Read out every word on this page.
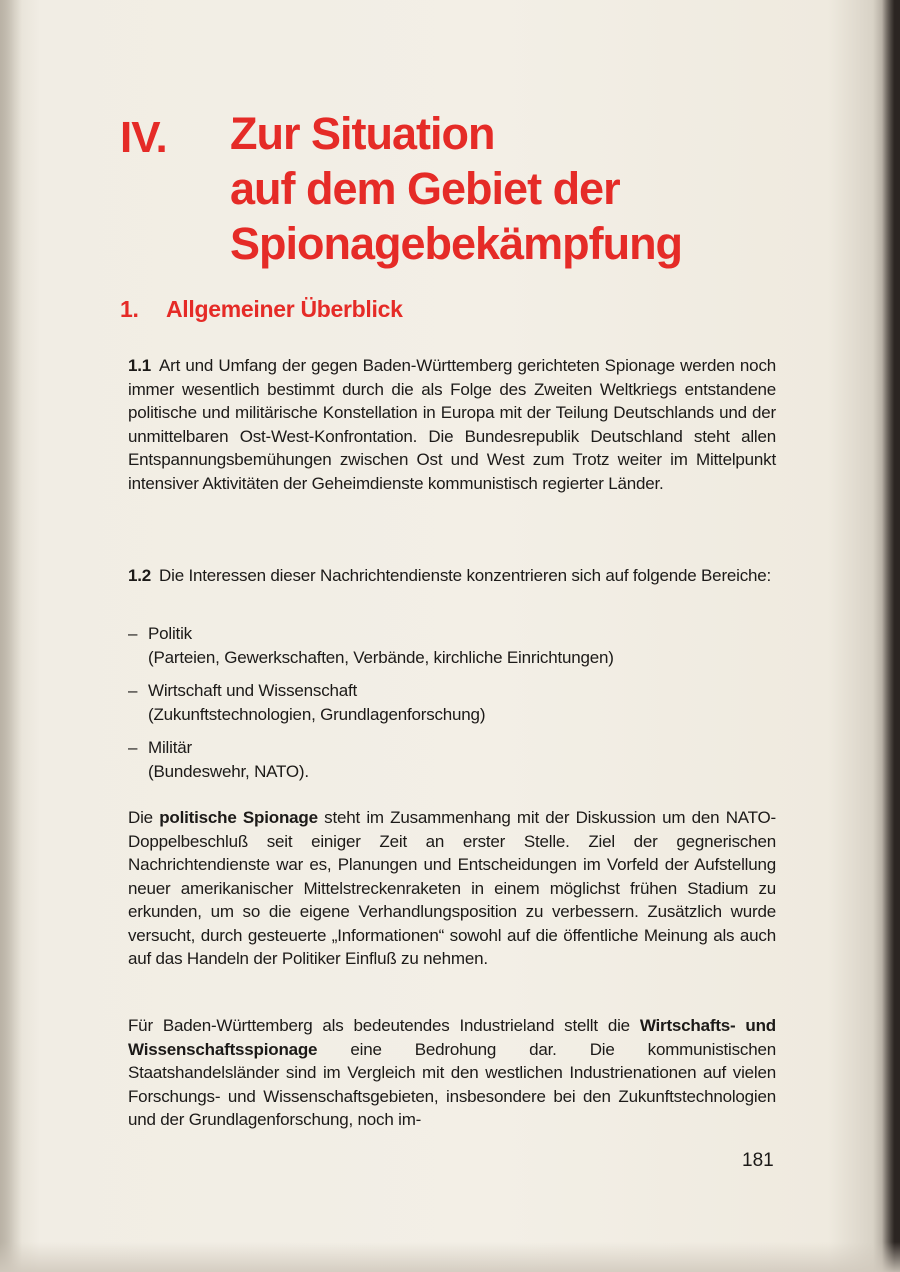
IV. Zur Situation
auf dem Gebiet der
Spionagebekämpfung
1. Allgemeiner Überblick

1.1 Art und Umfang der gegen Baden-Württemberg gerichteten Spionage werden noch immer wesentlich bestimmt durch die als Folge des Zweiten Weltkriegs entstandene politische und militärische Konstellation in Europa mit der Teilung Deutschlands und der unmittelbaren Ost-West-Konfrontation. Die Bundesrepublik Deutschland steht allen Entspannungsbemühungen zwischen Ost und West zum Trotz weiter im Mittelpunkt intensiver Aktivitäten der Geheimdienste kommunistisch regierter Länder.

1.2 Die Interessen dieser Nachrichtendienste konzentrieren sich auf folgende Bereiche:

– Politik
(Parteien, Gewerkschaften, Verbände, kirchliche Einrichtungen)
– Wirtschaft und Wissenschaft
(Zukunftstechnologien, Grundlagenforschung)
– Militär
(Bundeswehr, NATO).

Die politische Spionage steht im Zusammenhang mit der Diskussion um den NATO-Doppelbeschluß seit einiger Zeit an erster Stelle. Ziel der gegnerischen Nachrichtendienste war es, Planungen und Entscheidungen im Vorfeld der Aufstellung neuer amerikanischer Mittelstreckenraketen in einem möglichst frühen Stadium zu erkunden, um so die eigene Verhandlungsposition zu verbessern. Zusätzlich wurde versucht, durch gesteuerte „Informationen“ sowohl auf die öffentliche Meinung als auch auf das Handeln der Politiker Einfluß zu nehmen.

Für Baden-Württemberg als bedeutendes Industrieland stellt die Wirtschafts- und Wissenschaftsspionage eine Bedrohung dar. Die kommunistischen Staatshandelsländer sind im Vergleich mit den westlichen Industrienationen auf vielen Forschungs- und Wissenschaftsgebieten, insbesondere bei den Zukunftstechnologien und der Grundlagenforschung, noch im-

181
